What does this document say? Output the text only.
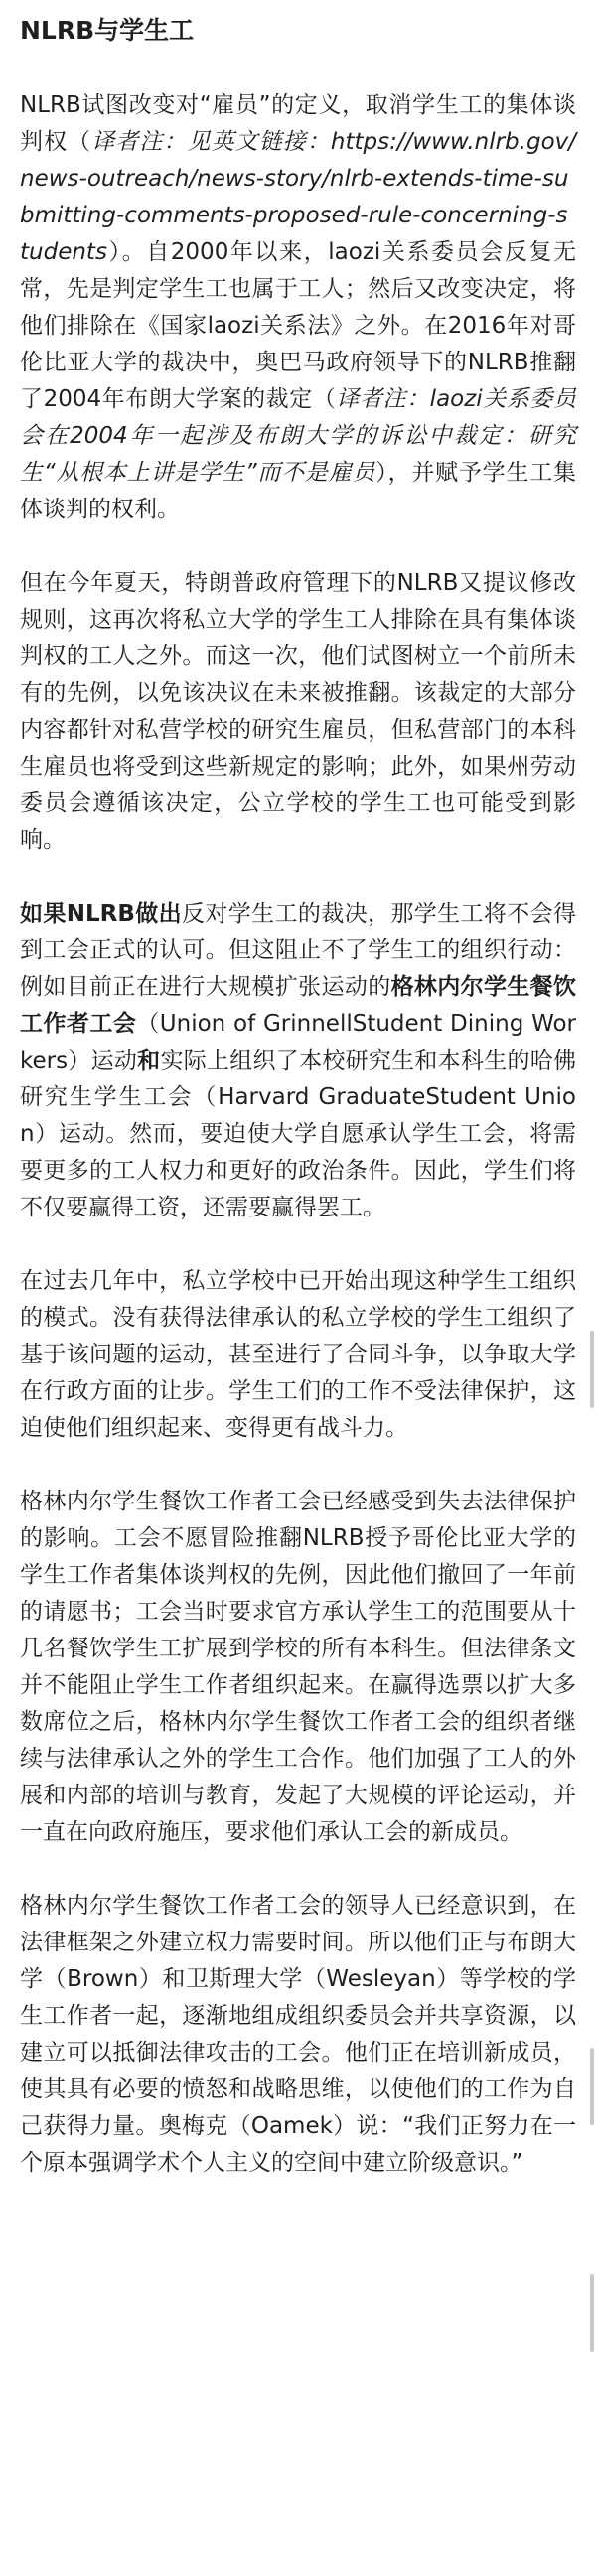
NLRB与学生工

NLRB试图改变对“雇员”的定义，取消学生工的集体谈判权（译者注：见英文链接：https://www.nlrb.gov/news-outreach/news-story/nlrb-extends-time-submitting-comments-proposed-rule-concerning-students）。自2000年以来，laozi关系委员会反复无常，先是判定学生工也属于工人；然后又改变决定，将他们排除在《国家laozi关系法》之外。在2016年对哥伦比亚大学的裁决中，奥巴马政府领导下的NLRB推翻了2004年布朗大学案的裁定（译者注：laozi关系委员会在2004年一起涉及布朗大学的诉讼中裁定：研究生“从根本上讲是学生”而不是雇员），并赋予学生工集体谈判的权利。

但在今年夏天，特朗普政府管理下的NLRB又提议修改规则，这再次将私立大学的学生工人排除在具有集体谈判权的工人之外。而这一次，他们试图树立一个前所未有的先例，以免该决议在未来被推翻。该裁定的大部分内容都针对私营学校的研究生雇员，但私营部门的本科生雇员也将受到这些新规定的影响；此外，如果州劳动委员会遵循该决定，公立学校的学生工也可能受到影响。

如果NLRB做出反对学生工的裁决，那学生工将不会得到工会正式的认可。但这阻止不了学生工的组织行动：例如目前正在进行大规模扩张运动的格林内尔学生餐饮工作者工会（Union of GrinnellStudent Dining Workers）运动和实际上组织了本校研究生和本科生的哈佛研究生学生工会（Harvard GraduateStudent Union）运动。然而，要迫使大学自愿承认学生工会，将需要更多的工人权力和更好的政治条件。因此，学生们将不仅要赢得工资，还需要赢得罢工。

在过去几年中，私立学校中已开始出现这种学生工组织的模式。没有获得法律承认的私立学校的学生工组织了基于该问题的运动，甚至进行了合同斗争，以争取大学在行政方面的让步。学生工们的工作不受法律保护，这迫使他们组织起来、变得更有战斗力。

格林内尔学生餐饮工作者工会已经感受到失去法律保护的影响。工会不愿冒险推翻NLRB授予哥伦比亚大学的学生工作者集体谈判权的先例，因此他们撤回了一年前的请愿书；工会当时要求官方承认学生工的范围要从十几名餐饮学生工扩展到学校的所有本科生。但法律条文并不能阻止学生工作者组织起来。在赢得选票以扩大多数席位之后，格林内尔学生餐饮工作者工会的组织者继续与法律承认之外的学生工合作。他们加强了工人的外展和内部的培训与教育，发起了大规模的评论运动，并一直在向政府施压，要求他们承认工会的新成员。

格林内尔学生餐饮工作者工会的领导人已经意识到，在法律框架之外建立权力需要时间。所以他们正与布朗大学（Brown）和卫斯理大学（Wesleyan）等学校的学生工作者一起，逐渐地组成组织委员会并共享资源，以建立可以抵御法律攻击的工会。他们正在培训新成员，使其具有必要的愤怒和战略思维，以使他们的工作为自己获得力量。奥梅克（Oamek）说：“我们正努力在一个原本强调学术个人主义的空间中建立阶级意识。”
